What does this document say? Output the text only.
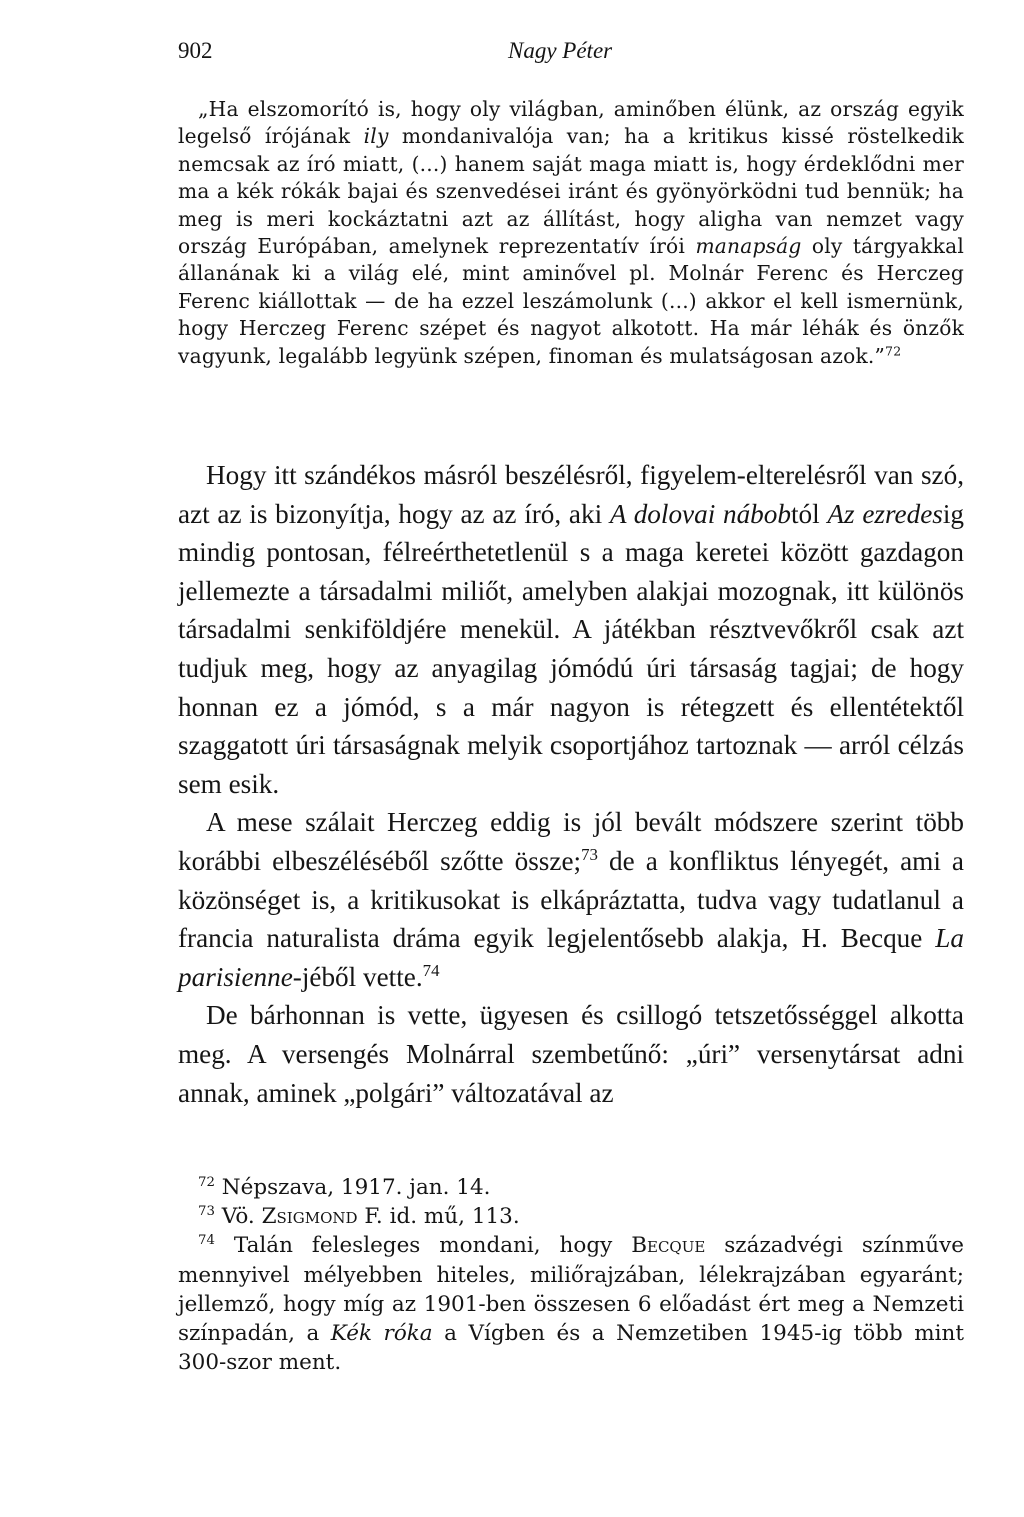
902	Nagy Péter

„Ha elszomorító is, hogy oly világban, aminőben élünk, az ország egyik legelső írójának ily mondanivalója van; ha a kritikus kissé röstelkedik nemcsak az író miatt, (...) hanem saját maga miatt is, hogy érdeklődni mer ma a kék rókák bajai és szenvedései iránt és gyönyörködni tud bennük; ha meg is meri kockáztatni azt az állítást, hogy aligha van nemzet vagy ország Európában, amelynek reprezentatív írói manapság oly tárgyakkal állanának ki a világ elé, mint aminővel pl. Molnár Ferenc és Herczeg Ferenc kiállottak — de ha ezzel leszámolunk (...) akkor el kell ismernünk, hogy Herczeg Ferenc szépet és nagyot alkotott. Ha már léhák és önzők vagyunk, legalább legyünk szépen, finoman és mulatságosan azok.”$^{72}$

Hogy itt szándékos másról beszélésről, figyelem-elterelésről van szó, azt az is bizonyítja, hogy az az író, aki A dolovai nábobtól Az ezredesig mindig pontosan, félreérthetetlenül s a maga keretei között gazdagon jellemezte a társadalmi miliőt, amelyben alakjai mozognak, itt különös társadalmi senkiföldjére menekül. A játékban résztvevőkről csak azt tudjuk meg, hogy az anyagilag jómódú úri társaság tagjai; de hogy honnan ez a jómód, s a már nagyon is rétegzett és ellentétektől szaggatott úri társaságnak melyik csoportjához tartoznak — arról célzás sem esik.

A mese szálait Herczeg eddig is jól bevált módszere szerint több korábbi elbeszéléséből szőtte össze;$^{73}$ de a konfliktus lényegét, ami a közönséget is, a kritikusokat is elkápráztatta, tudva vagy tudatlanul a francia naturalista dráma egyik legjelentősebb alakja, H. Becque La parisienne-jéből vette.$^{74}$

De bárhonnan is vette, ügyesen és csillogó tetszetősséggel alkotta meg. A versengés Molnárral szembetűnő: „úri” versenytársat adni annak, aminek „polgári” változatával az

$^{72}$ Népszava, 1917. jan. 14.

$^{73}$ Vö. Zsigmond F. id. mű, 113.

$^{74}$ Talán felesleges mondani, hogy Becque századvégi színműve mennyivel mélyebben hiteles, miliőrajzában, lélekrajzában egyaránt; jellemző, hogy míg az 1901-ben összesen 6 előadást ért meg a Nemzeti színpadán, a Kék róka a Vígben és a Nemzetiben 1945-ig több mint 300-szor ment.
